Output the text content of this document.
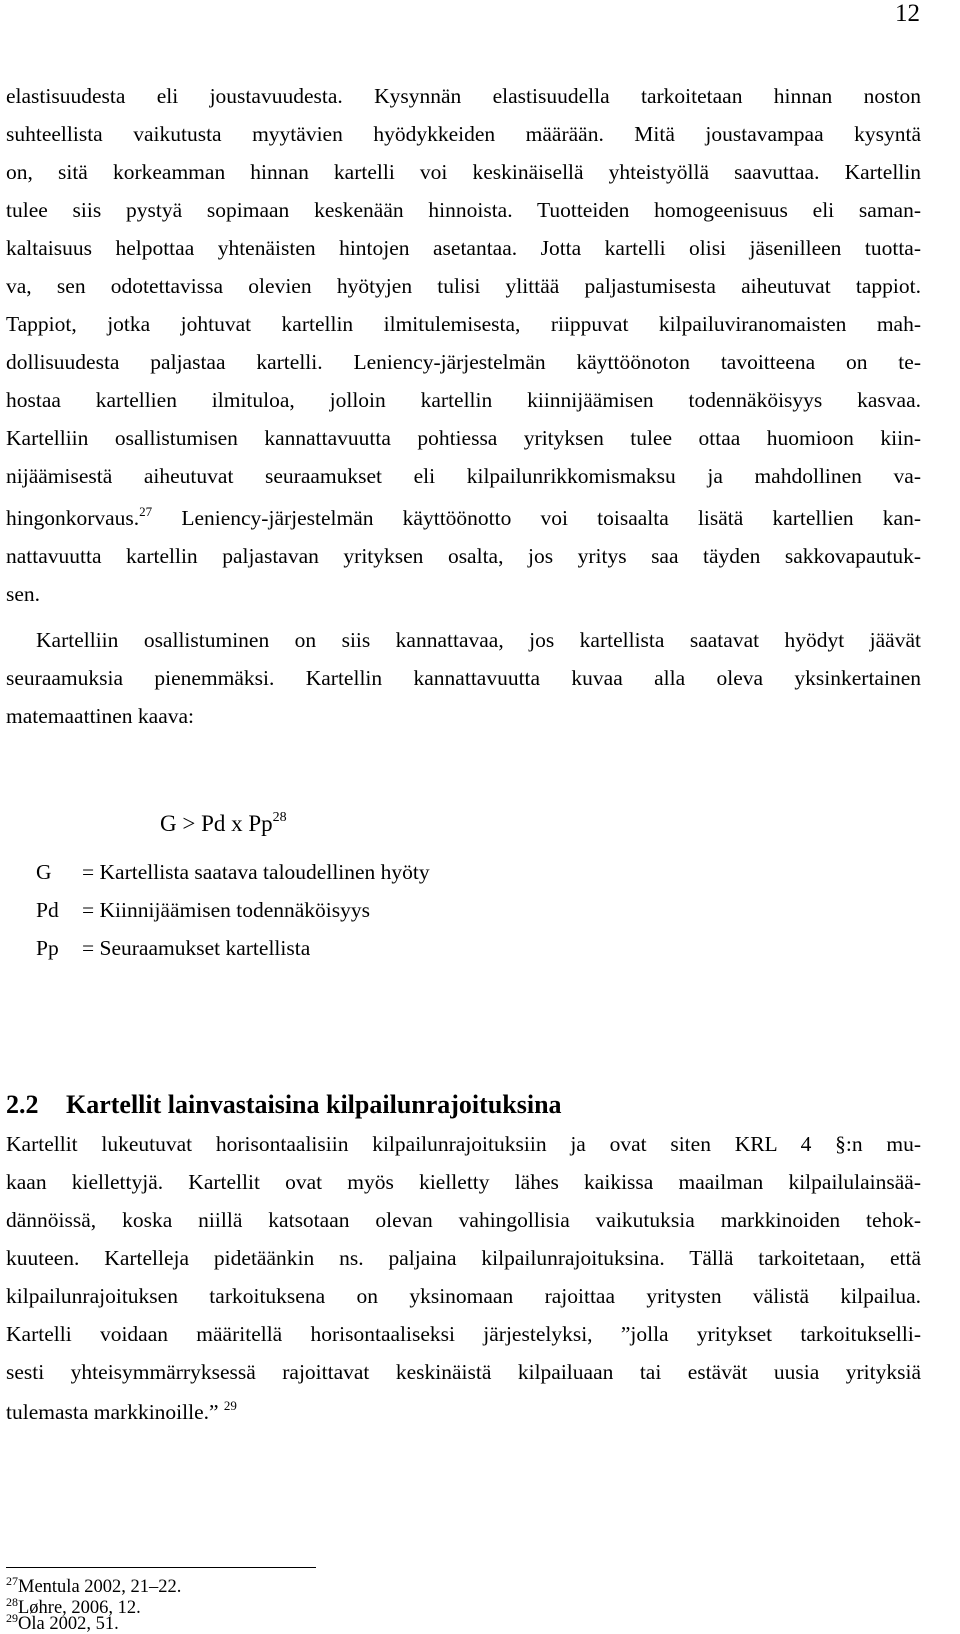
12
elastisuudesta eli joustavuudesta. Kysynnän elastisuudella tarkoitetaan hinnan noston
suhteellista vaikutusta myytävien hyödykkeiden määrään. Mitä joustavampaa kysyntä
on, sitä korkeamman hinnan kartelli voi keskinäisellä yhteistyöllä saavuttaa. Kartellin
tulee siis pystyä sopimaan keskenään hinnoista. Tuotteiden homogeenisuus eli saman-
kaltaisuus helpottaa yhtenäisten hintojen asetantaa. Jotta kartelli olisi jäsenilleen tuotta-
va, sen odotettavissa olevien hyötyjen tulisi ylittää paljastumisesta aiheutuvat tappiot.
Tappiot, jotka johtuvat kartellin ilmitulemisesta, riippuvat kilpailuviranomaisten mah-
dollisuudesta paljastaa kartelli. Leniency-järjestelmän käyttöönoton tavoitteena on te-
hostaa kartellien ilmituloa, jolloin kartellin kiinnijäämisen todennäköisyys kasvaa.
Kartelliin osallistumisen kannattavuutta pohtiessa yrityksen tulee ottaa huomioon kiin-
nijäämisestä aiheutuvat seuraamukset eli kilpailunrikkomismaksu ja mahdollinen va-
hingonkorvaus.$^{27}$ Leniency-järjestelmän käyttöönotto voi toisaalta lisätä kartellien kan-
nattavuutta kartellin paljastavan yrityksen osalta, jos yritys saa täyden sakkovapautuk-
sen.
Kartelliin osallistuminen on siis kannattavaa, jos kartellista saatavat hyödyt jäävät
seuraamuksia pienemmäksi. Kartellin kannattavuutta kuvaa alla oleva yksinkertainen
matemaattinen kaava:
G > Pd x Pp$^{28}$
G = Kartellista saatava taloudellinen hyöty
Pd = Kiinnijäämisen todennäköisyys
Pp = Seuraamukset kartellista
2.2 Kartellit lainvastaisina kilpailunrajoituksina
Kartellit lukeutuvat horisontaalisiin kilpailunrajoituksiin ja ovat siten KRL 4 §:n mu-
kaan kiellettyjä. Kartellit ovat myös kielletty lähes kaikissa maailman kilpailulainsää-
dännöissä, koska niillä katsotaan olevan vahingollisia vaikutuksia markkinoiden tehok-
kuuteen. Kartelleja pidetäänkin ns. paljaina kilpailunrajoituksina. Tällä tarkoitetaan, että
kilpailunrajoituksen tarkoituksena on yksinomaan rajoittaa yritysten välistä kilpailua.
Kartelli voidaan määritellä horisontaaliseksi järjestelyksi, ”jolla yritykset tarkoitukselli-
sesti yhteisymmärryksessä rajoittavat keskinäistä kilpailuaan tai estävät uusia yrityksiä
tulemasta markkinoille.” $^{29}$
$^{27}$Mentula 2002, 21–22.
$^{28}$Løhre, 2006, 12.
$^{29}$Ola 2002, 51.
